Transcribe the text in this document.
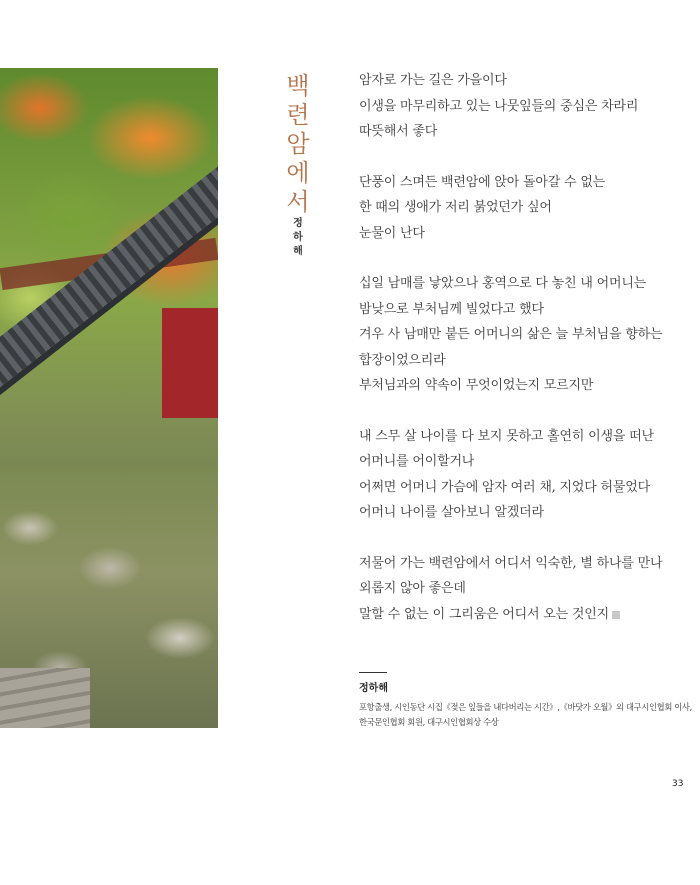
백
련
암
에
서
정
하
해
암자로 가는 길은 가을이다
이생을 마무리하고 있는 나뭇잎들의 중심은 차라리
따뜻해서 좋다
단풍이 스며든 백련암에 앉아 돌아갈 수 없는
한 때의 생애가 저리 붉었던가 싶어
눈물이 난다
십일 남매를 낳았으나 홍역으로 다 놓친 내 어머니는
밤낮으로 부처님께 빌었다고 했다
겨우 사 남매만 붙든 어머니의 삶은 늘 부처님을 향하는
합장이었으리라
부처님과의 약속이 무엇이었는지 모르지만
내 스무 살 나이를 다 보지 못하고 홀연히 이생을 떠난
어머니를 어이할거나
어쩌면 어머니 가슴에 암자 여러 채, 지었다 허물었다
어머니 나이를 살아보니 알겠더라
저물어 가는 백련암에서 어디서 익숙한, 별 하나를 만나
외롭지 않아 좋은데
말할 수 없는 이 그리움은 어디서 오는 것인지
정하해
포항출생, 시인동단 시집《젖은 잎들을 내다버리는 시간》,《바닷가 오월》외 대구시인협회 이사,
한국문인협회 회원, 대구시인협회상 수상
33
